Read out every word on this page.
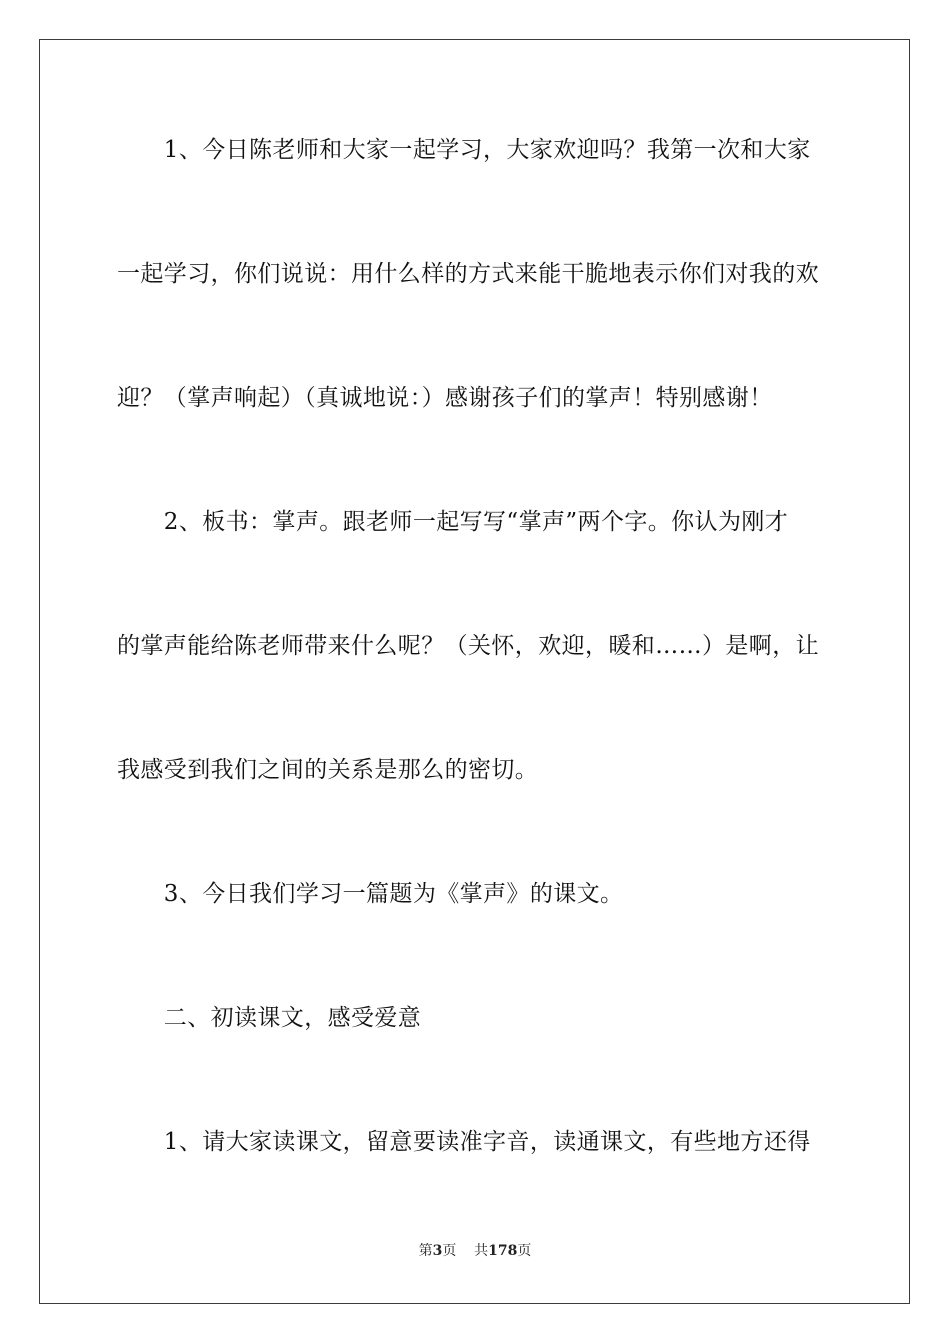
　　1、今日陈老师和大家一起学习，大家欢迎吗？我第一次和大家
一起学习，你们说说：用什么样的方式来能干脆地表示你们对我的欢
迎？（掌声响起）（真诚地说：）感谢孩子们的掌声！特别感谢！
　　2、板书：掌声。跟老师一起写写“掌声”两个字。你认为刚才
的掌声能给陈老师带来什么呢？（关怀，欢迎，暖和……）是啊，让
我感受到我们之间的关系是那么的密切。
　　3、今日我们学习一篇题为《掌声》的课文。
　　二、初读课文，感受爱意
　　1、请大家读课文，留意要读准字音，读通课文，有些地方还得
第3页 共178页
